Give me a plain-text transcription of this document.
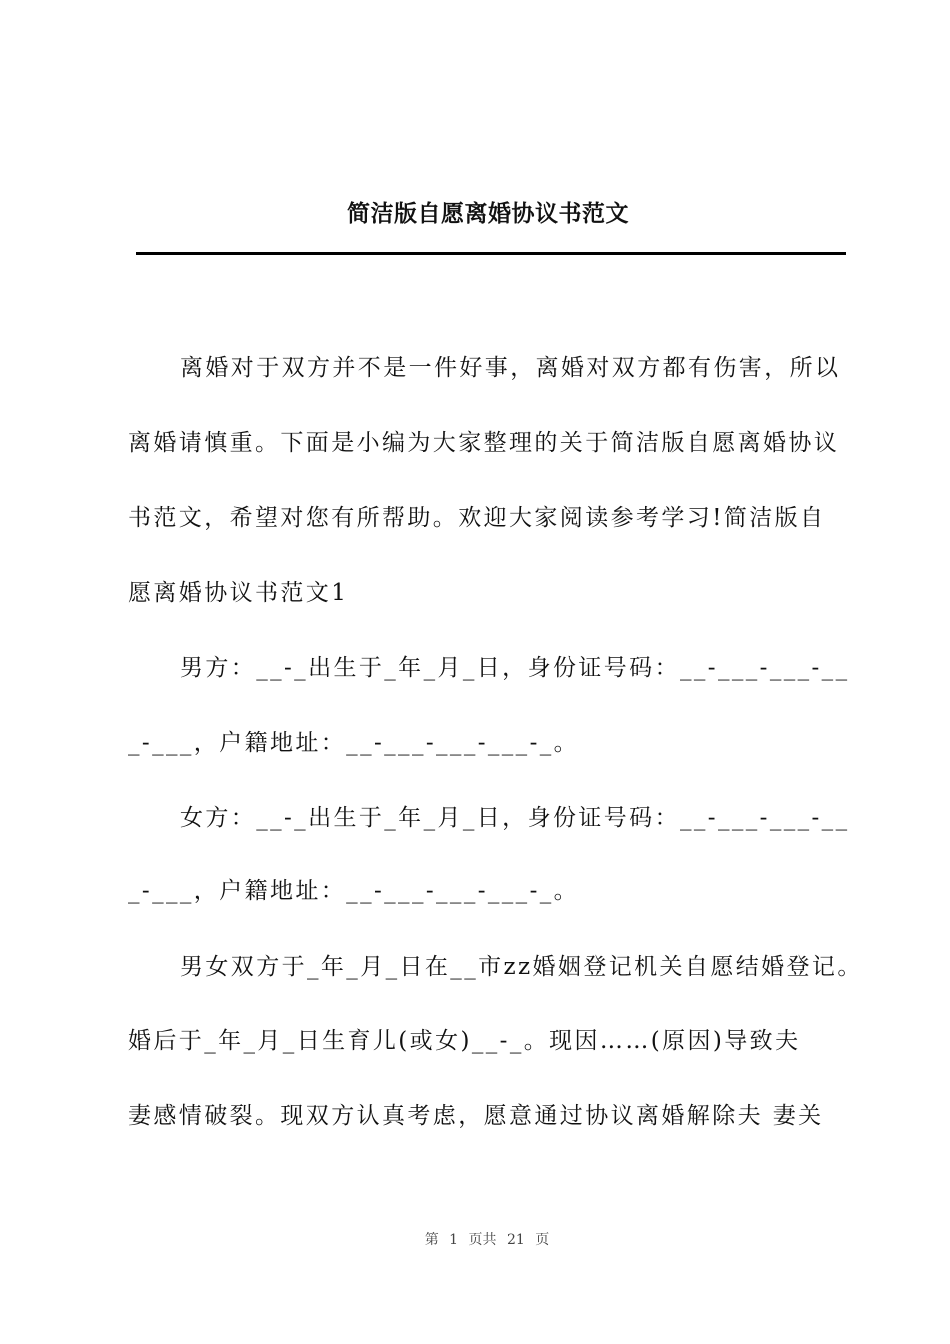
简洁版自愿离婚协议书范文
离婚对于双方并不是一件好事，离婚对双方都有伤害，所以
离婚请慎重。下面是小编为大家整理的关于简洁版自愿离婚协议
书范文，希望对您有所帮助。欢迎大家阅读参考学习!简洁版自
愿离婚协议书范文1
男方：__-_出生于_年_月_日，身份证号码：__-___-___-__
_-___，户籍地址：__-___-___-___-_。
女方：__-_出生于_年_月_日，身份证号码：__-___-___-__
_-___，户籍地址：__-___-___-___-_。
男女双方于_年_月_日在__市zz婚姻登记机关自愿结婚登记。
婚后于_年_月_日生育儿(或女)__-_。现因……(原因)导致夫
妻感情破裂。现双方认真考虑，愿意通过协议离婚解除夫 妻关
第 1 页共 21 页
